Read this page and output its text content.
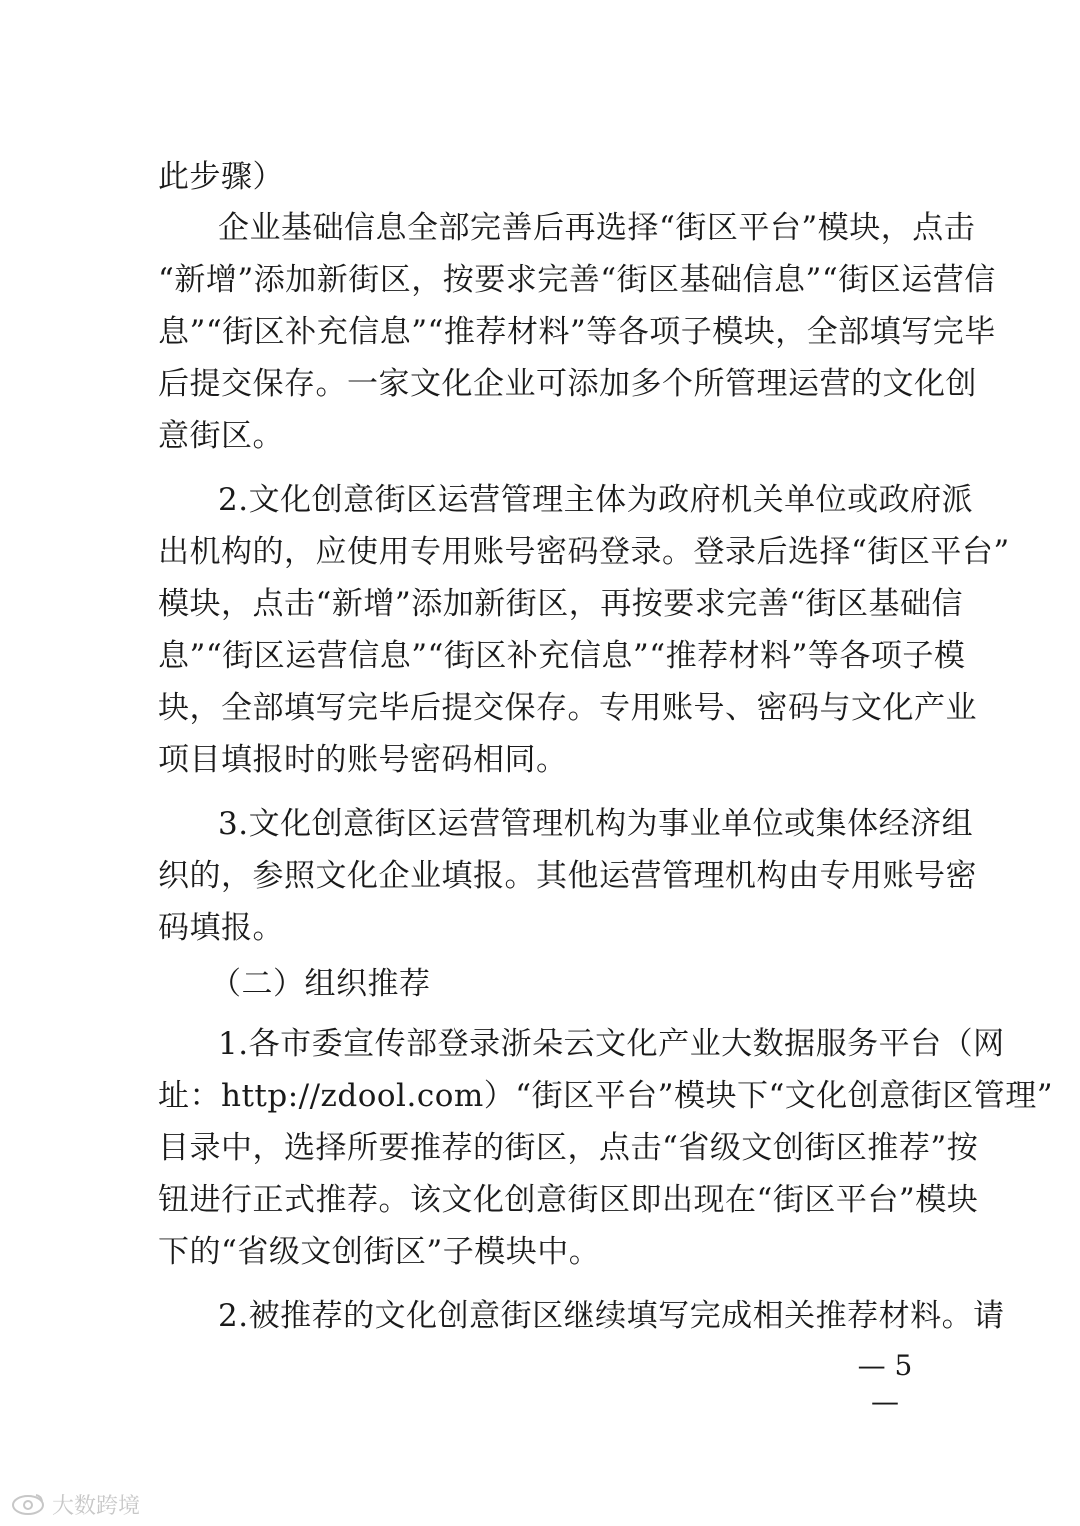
此步骤）
企业基础信息全部完善后再选择“街区平台”模块，点击
“新增”添加新街区，按要求完善“街区基础信息”“街区运营信
息”“街区补充信息”“推荐材料”等各项子模块，全部填写完毕
后提交保存。一家文化企业可添加多个所管理运营的文化创
意街区。
2.文化创意街区运营管理主体为政府机关单位或政府派
出机构的，应使用专用账号密码登录。登录后选择“街区平台”
模块，点击“新增”添加新街区，再按要求完善“街区基础信
息”“街区运营信息”“街区补充信息”“推荐材料”等各项子模
块，全部填写完毕后提交保存。专用账号、密码与文化产业
项目填报时的账号密码相同。
3.文化创意街区运营管理机构为事业单位或集体经济组
织的，参照文化企业填报。其他运营管理机构由专用账号密
码填报。
（二）组织推荐
1.各市委宣传部登录浙朵云文化产业大数据服务平台（网
址：http://zdool.com）“街区平台”模块下“文化创意街区管理”
目录中，选择所要推荐的街区，点击“省级文创街区推荐”按
钮进行正式推荐。该文化创意街区即出现在“街区平台”模块
下的“省级文创街区”子模块中。
2.被推荐的文化创意街区继续填写完成相关推荐材料。请
— 5 —
大数跨境
